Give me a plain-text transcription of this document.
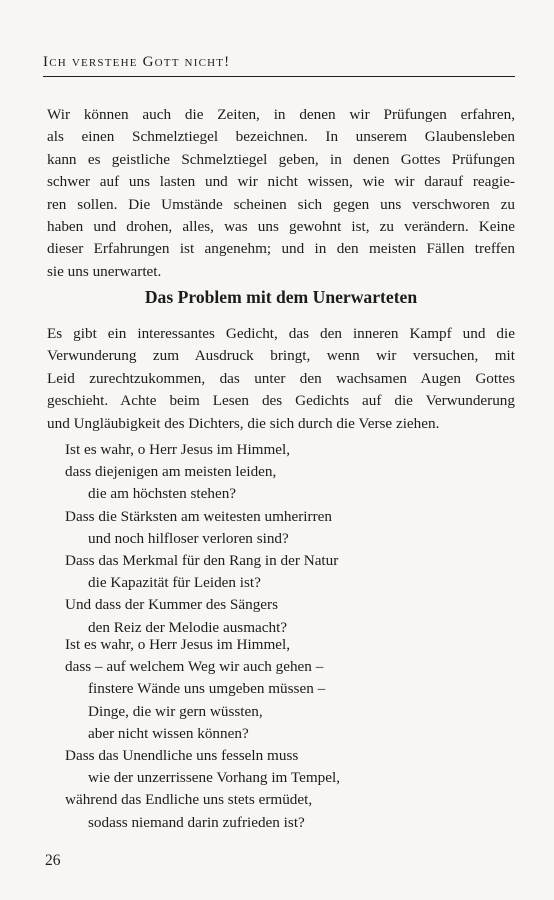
Ich verstehe Gott nicht!
Wir können auch die Zeiten, in denen wir Prüfungen erfahren,
als einen Schmelztiegel bezeichnen. In unserem Glaubensleben
kann es geistliche Schmelztiegel geben, in denen Gottes Prüfungen
schwer auf uns lasten und wir nicht wissen, wie wir darauf reagie-
ren sollen. Die Umstände scheinen sich gegen uns verschworen zu
haben und drohen, alles, was uns gewohnt ist, zu verändern. Keine
dieser Erfahrungen ist angenehm; und in den meisten Fällen treffen
sie uns unerwartet.
Das Problem mit dem Unerwarteten
Es gibt ein interessantes Gedicht, das den inneren Kampf und die
Verwunderung zum Ausdruck bringt, wenn wir versuchen, mit
Leid zurechtzukommen, das unter den wachsamen Augen Gottes
geschieht. Achte beim Lesen des Gedichts auf die Verwunderung
und Ungläubigkeit des Dichters, die sich durch die Verse ziehen.
Ist es wahr, o Herr Jesus im Himmel,
dass diejenigen am meisten leiden,
die am höchsten stehen?
Dass die Stärksten am weitesten umherirren
und noch hilfloser verloren sind?
Dass das Merkmal für den Rang in der Natur
die Kapazität für Leiden ist?
Und dass der Kummer des Sängers
den Reiz der Melodie ausmacht?
Ist es wahr, o Herr Jesus im Himmel,
dass – auf welchem Weg wir auch gehen –
finstere Wände uns umgeben müssen –
Dinge, die wir gern wüssten,
aber nicht wissen können?
Dass das Unendliche uns fesseln muss
wie der unzerrissene Vorhang im Tempel,
während das Endliche uns stets ermüdet,
sodass niemand darin zufrieden ist?
26
